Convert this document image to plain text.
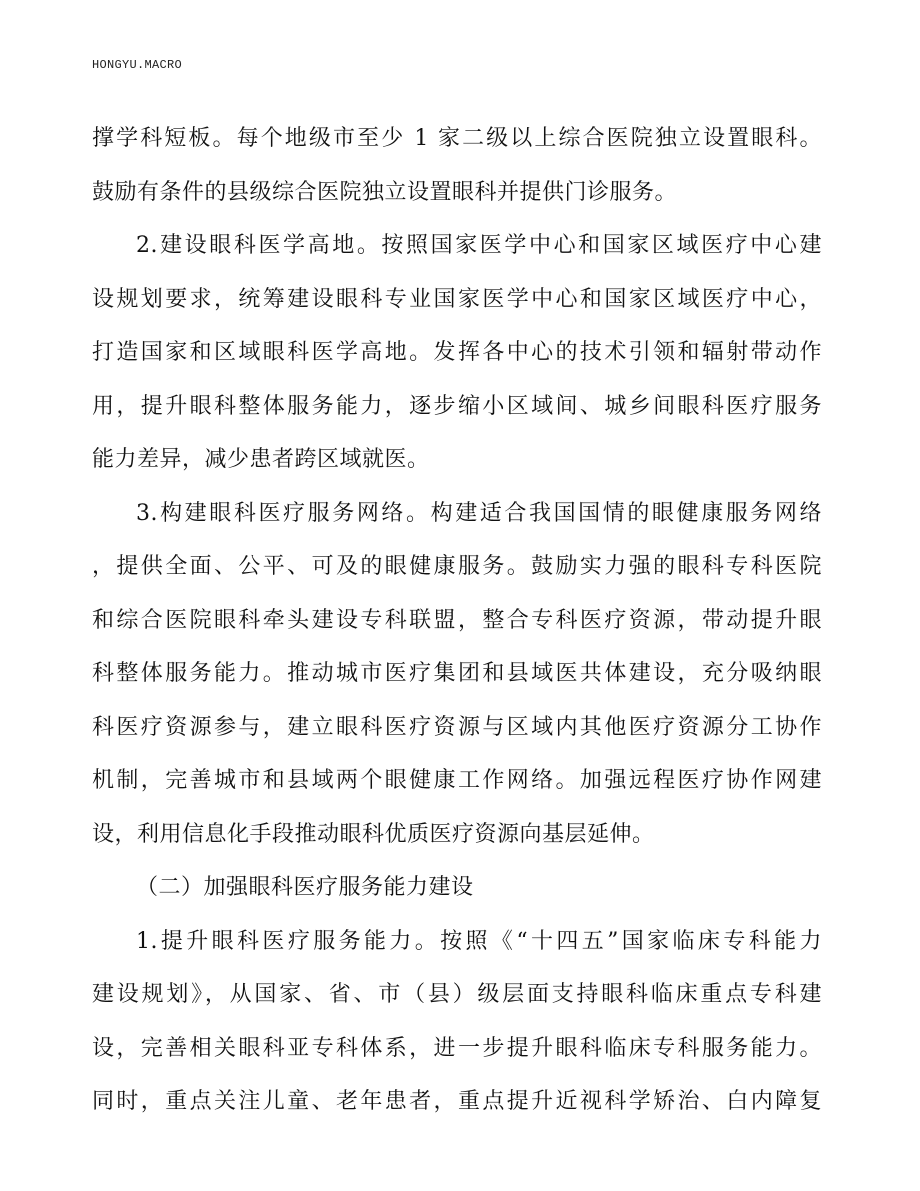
HONGYU.MACRO
撑学科短板。每个地级市至少 1 家二级以上综合医院独立设置眼科。
鼓励有条件的县级综合医院独立设置眼科并提供门诊服务。
2.建设眼科医学高地。按照国家医学中心和国家区域医疗中心建
设规划要求，统筹建设眼科专业国家医学中心和国家区域医疗中心，
打造国家和区域眼科医学高地。发挥各中心的技术引领和辐射带动作
用，提升眼科整体服务能力，逐步缩小区域间、城乡间眼科医疗服务
能力差异，减少患者跨区域就医。
3.构建眼科医疗服务网络。构建适合我国国情的眼健康服务网络
，提供全面、公平、可及的眼健康服务。鼓励实力强的眼科专科医院
和综合医院眼科牵头建设专科联盟，整合专科医疗资源，带动提升眼
科整体服务能力。推动城市医疗集团和县域医共体建设，充分吸纳眼
科医疗资源参与，建立眼科医疗资源与区域内其他医疗资源分工协作
机制，完善城市和县域两个眼健康工作网络。加强远程医疗协作网建
设，利用信息化手段推动眼科优质医疗资源向基层延伸。
（二）加强眼科医疗服务能力建设
1.提升眼科医疗服务能力。按照《“十四五”国家临床专科能力
建设规划》，从国家、省、市（县）级层面支持眼科临床重点专科建
设，完善相关眼科亚专科体系，进一步提升眼科临床专科服务能力。
同时，重点关注儿童、老年患者，重点提升近视科学矫治、白内障复
